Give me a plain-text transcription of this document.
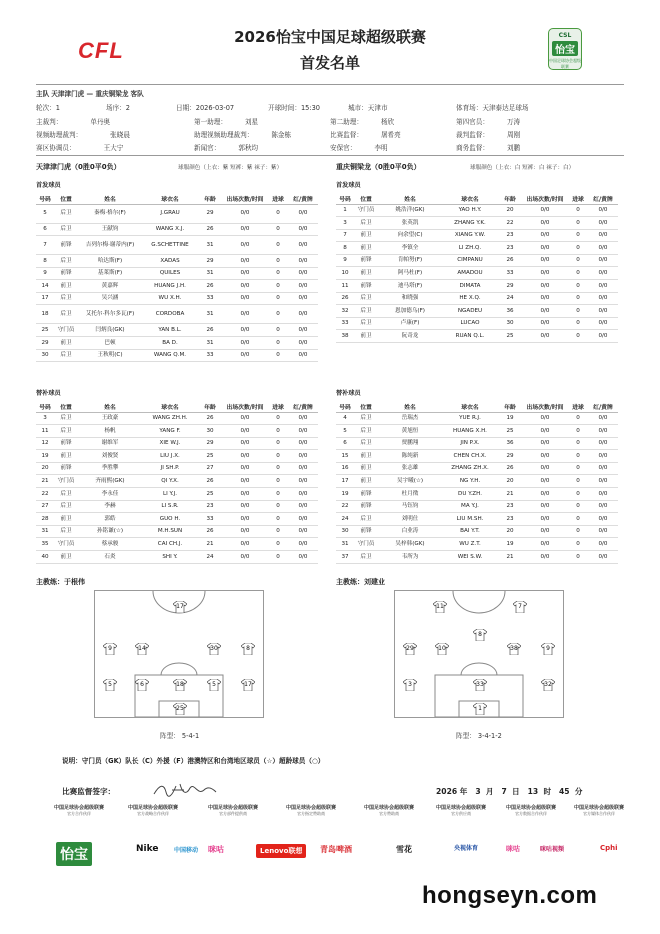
CFL
2026怡宝中国足球超级联赛
首发名单
CSL
怡宝
中国足球协会超级联赛
主队 天津津门虎 — 重庆铜梁龙 客队
轮次：1	场序：2	日期：2026-03-07	开球时间：15:30	城市：天津市	体育场：天津泰达足球场
主裁判：	单丹奥	第一助理：	刘星	第二助理：	杨欣	第四官员：	万涛
视频助理裁判：	张晓晨	助理视频助理裁判：	陈金栋	比赛监督：	屠希亮	裁判监督：	周刚
赛区协调员：	王大宁	新闻官：	郭秋均	安保官：	李明	商务监督：	刘鹏
天津津门虎（0胜0平0负）	球服颜色（上衣：紫 短裤：紫 袜子：紫）	重庆铜梁龙（0胜0平0负）	球服颜色（上衣：白 短裤：白 袜子：白）
首发球员	首发球员
号码	位置	姓名	球衣名	年龄	出场次数/时间	进球	红/黄牌
5	后卫	秦梅·格尔(F)	J.GRAU	29	0/0	0	0/0
6	后卫	王献钧	WANG X.J.	26	0/0	0	0/0
7	前锋	吉列尔梅·谢蒂内(F)	G.SCHETTINE	31	0/0	0	0/0
8	后卫	哈达斯(F)	XADAS	29	0/0	0	0/0
9	前锋	基莱斯(F)	QUILES	31	0/0	0	0/0
14	前卫	黄嘉辉	HUANG J.H.	26	0/0	0	0/0
17	后卫	吴兴涵	WU X.H.	33	0/0	0	0/0
18	后卫	艾托尔·科尔多瓦(F)	CORDOBA	31	0/0	0	0/0
25	守门员	闫炳良(GK)	YAN B.L.	26	0/0	0	0/0
29	前卫	巴顿	BA D.	31	0/0	0	0/0
30	后卫	王秋明(C)	WANG Q.M.	33	0/0	0	0/0
号码	位置	姓名	球衣名	年龄	出场次数/时间	进球	红/黄牌
1	守门员	姚浩洋(GK)	YAO H.Y.	20	0/0	0	0/0
3	后卫	张英凯	ZHANG Y.K.	22	0/0	0	0/0
7	前卫	向余望(C)	XIANG Y.W.	23	0/0	0	0/0
8	前卫	李镇全	LI ZH.Q.	23	0/0	0	0/0
9	前锋	肯帕努(F)	CIMPANU	26	0/0	0	0/0
10	前卫	阿马杜(F)	AMADOU	33	0/0	0	0/0
11	前锋	迪马塔(F)	DIMATA	29	0/0	0	0/0
26	后卫	和晓强	HE X.Q.	24	0/0	0	0/0
32	后卫	恩加德乌(F)	NGADEU	36	0/0	0	0/0
33	后卫	卢康(F)	LUCAO	30	0/0	0	0/0
38	前卫	阮奇龙	RUAN Q.L.	25	0/0	0	0/0
替补球员	替补球员
号码	位置	姓名	球衣名	年龄	出场次数/时间	进球	红/黄牌
3	后卫	王政豪	WANG ZH.H.	26	0/0	0	0/0
11	后卫	杨帆	YANG F.	30	0/0	0	0/0
12	前锋	谢维军	XIE W.J.	29	0/0	0	0/0
19	前卫	刘俊贤	LIU J.X.	25	0/0	0	0/0
20	前锋	季胜攀	JI SH.P.	27	0/0	0	0/0
21	守门员	齐雨熙(GK)	QI Y.X.	26	0/0	0	0/0
22	后卫	李永佳	LI Y.J.	25	0/0	0	0/0
27	后卫	李赫	LI S.R.	23	0/0	0	0/0
28	前卫	郭皓	GUO H.	33	0/0	0	0/0
31	后卫	孙铭谦(☆)	M.H.SUN	26	0/0	0	0/0
35	守门员	蔡承骏	CAI CH.J.	21	0/0	0	0/0
40	前卫	石炎	SHI Y.	24	0/0	0	0/0
号码	位置	姓名	球衣名	年龄	出场次数/时间	进球	红/黄牌
4	后卫	岳瑞杰	YUE R.J.	19	0/0	0	0/0
5	后卫	黄旭恒	HUANG X.H.	25	0/0	0	0/0
6	后卫	贾鹏翔	JIN P.X.	36	0/0	0	0/0
15	前卫	陈纯新	CHEN CH.X.	29	0/0	0	0/0
16	前卫	张志雄	ZHANG ZH.X.	26	0/0	0	0/0
17	前卫	吴宇曦(☆)	NG Y.H.	20	0/0	0	0/0
19	前锋	杜月徵	DU Y.ZH.	21	0/0	0	0/0
22	前锋	马钰钧	MA Y.J.	23	0/0	0	0/0
24	后卫	刘明仕	LIU M.SH.	23	0/0	0	0/0
30	前锋	白业涛	BAI Y.T.	20	0/0	0	0/0
31	守门员	吴梓韩(GK)	WU Z.T.	19	0/0	0	0/0
37	后卫	韦所为	WEI S.W.	21	0/0	0	0/0
主教练：于根伟	主教练：刘建业
17
9	14	30	8
5	6	18	5	17
25
11	7
8
29	10	38	9
3	33	32
1
阵型： 5-4-1	阵型： 3-4-1-2
说明：守门员（GK）队长（C）外援（F）港澳特区和台湾地区球员（☆）超龄球员（○）
比赛监督签字：	2026 年 3 月 7 日 13 时 45 分
中国足球协会超级联赛
官方合作伙伴
中国足球协会超级联赛
官方战略合作伙伴
中国足球协会超级联赛
官方部件提供商
中国足球协会超级联赛
官方指定赞助商
中国足球协会超级联赛
官方赞助商
中国足球协会超级联赛
官方供应商
中国足球协会超级联赛
官方数据合作伙伴
中国足球协会超级联赛
官方媒体合作伙伴
怡宝	Nike	中国移动 咪咕	Lenovo联想	青岛啤酒	雪花	央视体育	咪咕	咪咕视频	Cphi
hongseyn.com
